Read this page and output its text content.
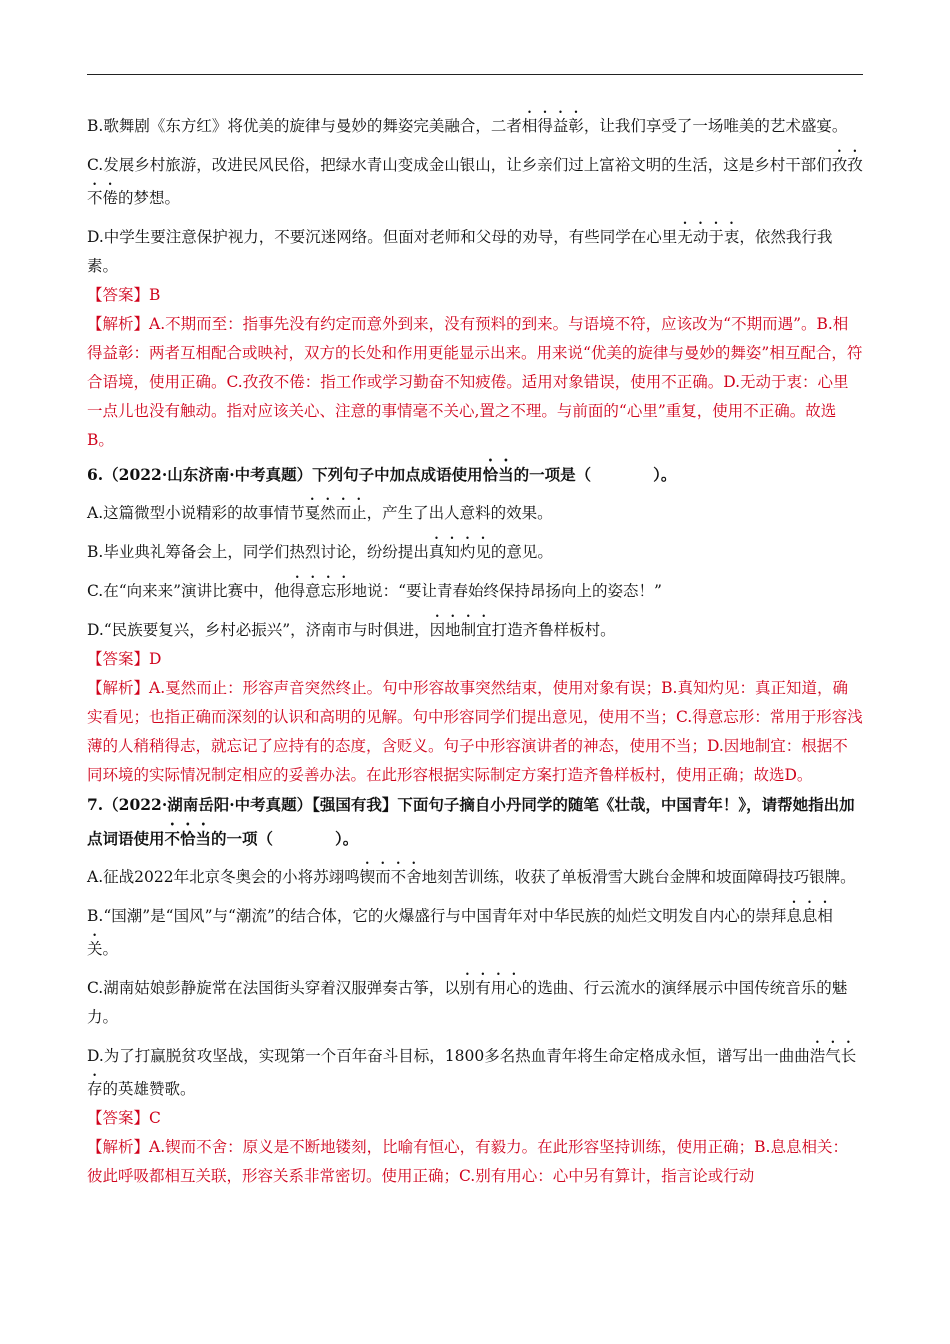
B.歌舞剧《东方红》将优美的旋律与曼妙的舞姿完美融合，二者相得益彰，让我们享受了一场唯美的艺术盛宴。

C.发展乡村旅游，改进民风民俗，把绿水青山变成金山银山，让乡亲们过上富裕文明的生活，这是乡村干部们孜孜不倦的梦想。

D.中学生要注意保护视力，不要沉迷网络。但面对老师和父母的劝导，有些同学在心里无动于衷，依然我行我素。

【答案】B

【解析】A.不期而至：指事先没有约定而意外到来，没有预料的到来。与语境不符，应该改为“不期而遇”。B.相得益彰：两者互相配合或映衬，双方的长处和作用更能显示出来。用来说“优美的旋律与曼妙的舞姿”相互配合，符合语境，使用正确。C.孜孜不倦：指工作或学习勤奋不知疲倦。适用对象错误，使用不正确。D.无动于衷：心里一点儿也没有触动。指对应该关心、注意的事情毫不关心,置之不理。与前面的“心里”重复，使用不正确。故选B。

6.（2022·山东济南·中考真题）下列句子中加点成语使用恰当的一项是（	）。

A.这篇微型小说精彩的故事情节戛然而止，产生了出人意料的效果。

B.毕业典礼筹备会上，同学们热烈讨论，纷纷提出真知灼见的意见。

C.在“向来来”演讲比赛中，他得意忘形地说：“要让青春始终保持昂扬向上的姿态！”

D.“民族要复兴，乡村必振兴”，济南市与时俱进，因地制宜打造齐鲁样板村。

【答案】D

【解析】A.戛然而止：形容声音突然终止。句中形容故事突然结束，使用对象有误；B.真知灼见：真正知道，确实看见；也指正确而深刻的认识和高明的见解。句中形容同学们提出意见，使用不当；C.得意忘形：常用于形容浅薄的人稍稍得志，就忘记了应持有的态度，含贬义。句子中形容演讲者的神态，使用不当；D.因地制宜：根据不同环境的实际情况制定相应的妥善办法。在此形容根据实际制定方案打造齐鲁样板村，使用正确；故选D。

7.（2022·湖南岳阳·中考真题）【强国有我】下面句子摘自小丹同学的随笔《壮哉，中国青年！》，请帮她指出加点词语使用不恰当的一项（	）。

A.征战2022年北京冬奥会的小将苏翊鸣锲而不舍地刻苦训练，收获了单板滑雪大跳台金牌和坡面障碍技巧银牌。

B.“国潮”是“国风”与“潮流”的结合体，它的火爆盛行与中国青年对中华民族的灿烂文明发自内心的崇拜息息相关。

C.湖南姑娘彭静旋常在法国街头穿着汉服弹奏古筝，以别有用心的选曲、行云流水的演绎展示中国传统音乐的魅力。

D.为了打赢脱贫攻坚战，实现第一个百年奋斗目标，1800多名热血青年将生命定格成永恒，谱写出一曲曲浩气长存的英雄赞歌。

【答案】C

【解析】A.锲而不舍：原义是不断地镂刻，比喻有恒心，有毅力。在此形容坚持训练，使用正确；B.息息相关：彼此呼吸都相互关联，形容关系非常密切。使用正确；C.别有用心：心中另有算计，指言论或行动
